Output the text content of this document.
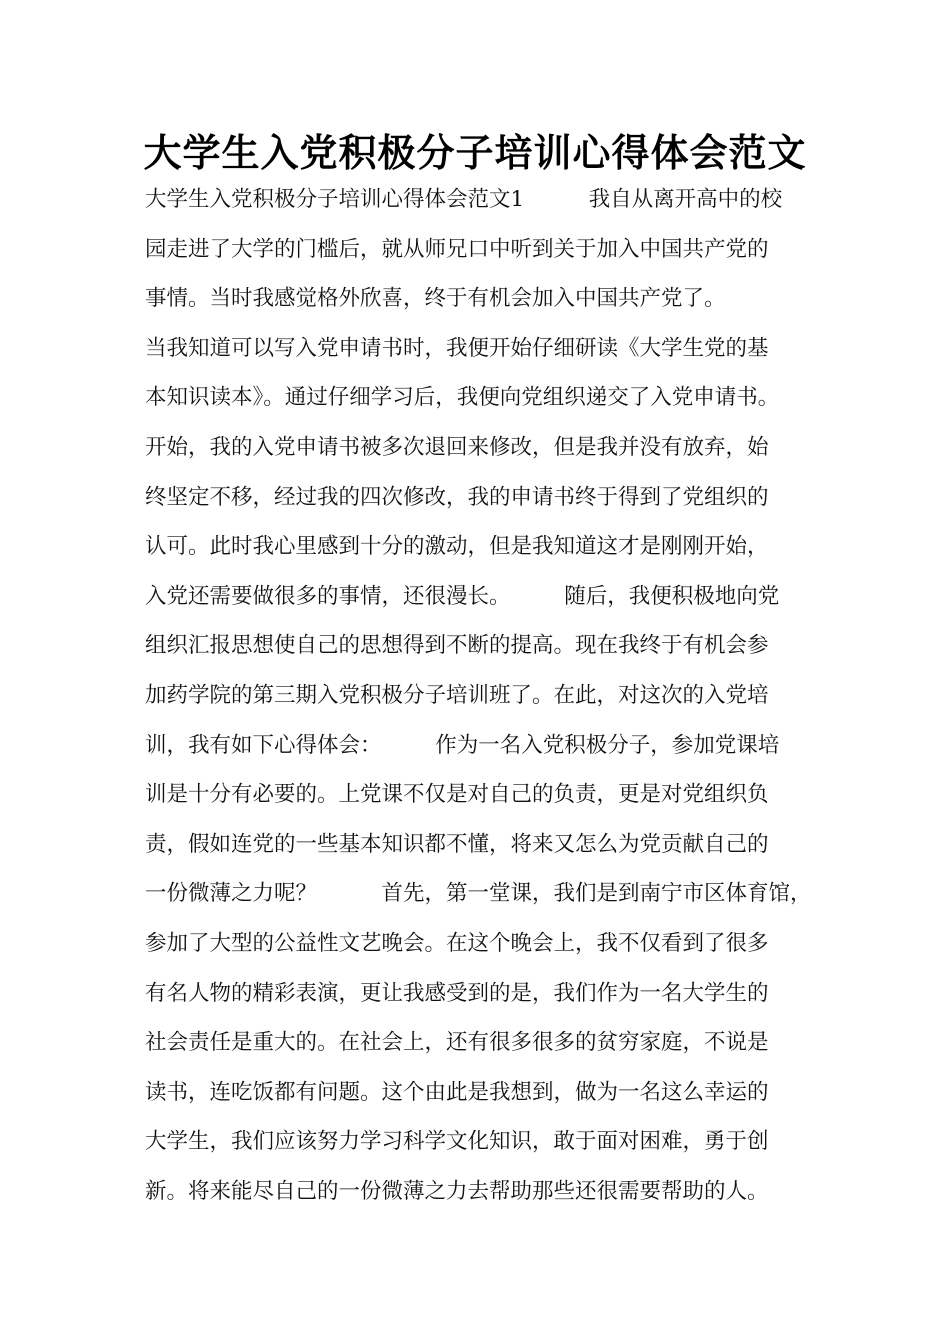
大学生入党积极分子培训心得体会范文
大学生入党积极分子培训心得体会范文1　　　我自从离开高中的校
园走进了大学的门槛后，就从师兄口中听到关于加入中国共产党的
事情。当时我感觉格外欣喜，终于有机会加入中国共产党了。
当我知道可以写入党申请书时，我便开始仔细研读《大学生党的基
本知识读本》。通过仔细学习后，我便向党组织递交了入党申请书。
开始，我的入党申请书被多次退回来修改，但是我并没有放弃，始
终坚定不移，经过我的四次修改，我的申请书终于得到了党组织的
认可。此时我心里感到十分的激动，但是我知道这才是刚刚开始，
入党还需要做很多的事情，还很漫长。　　　随后，我便积极地向党
组织汇报思想使自己的思想得到不断的提高。现在我终于有机会参
加药学院的第三期入党积极分子培训班了。在此，对这次的入党培
训，我有如下心得体会：　　　作为一名入党积极分子，参加党课培
训是十分有必要的。上党课不仅是对自己的负责，更是对党组织负
责，假如连党的一些基本知识都不懂，将来又怎么为党贡献自己的
一份微薄之力呢？　　　首先，第一堂课，我们是到南宁市区体育馆，
参加了大型的公益性文艺晚会。在这个晚会上，我不仅看到了很多
有名人物的精彩表演，更让我感受到的是，我们作为一名大学生的
社会责任是重大的。在社会上，还有很多很多的贫穷家庭，不说是
读书，连吃饭都有问题。这个由此是我想到，做为一名这么幸运的
大学生，我们应该努力学习科学文化知识，敢于面对困难，勇于创
新。将来能尽自己的一份微薄之力去帮助那些还很需要帮助的人。
